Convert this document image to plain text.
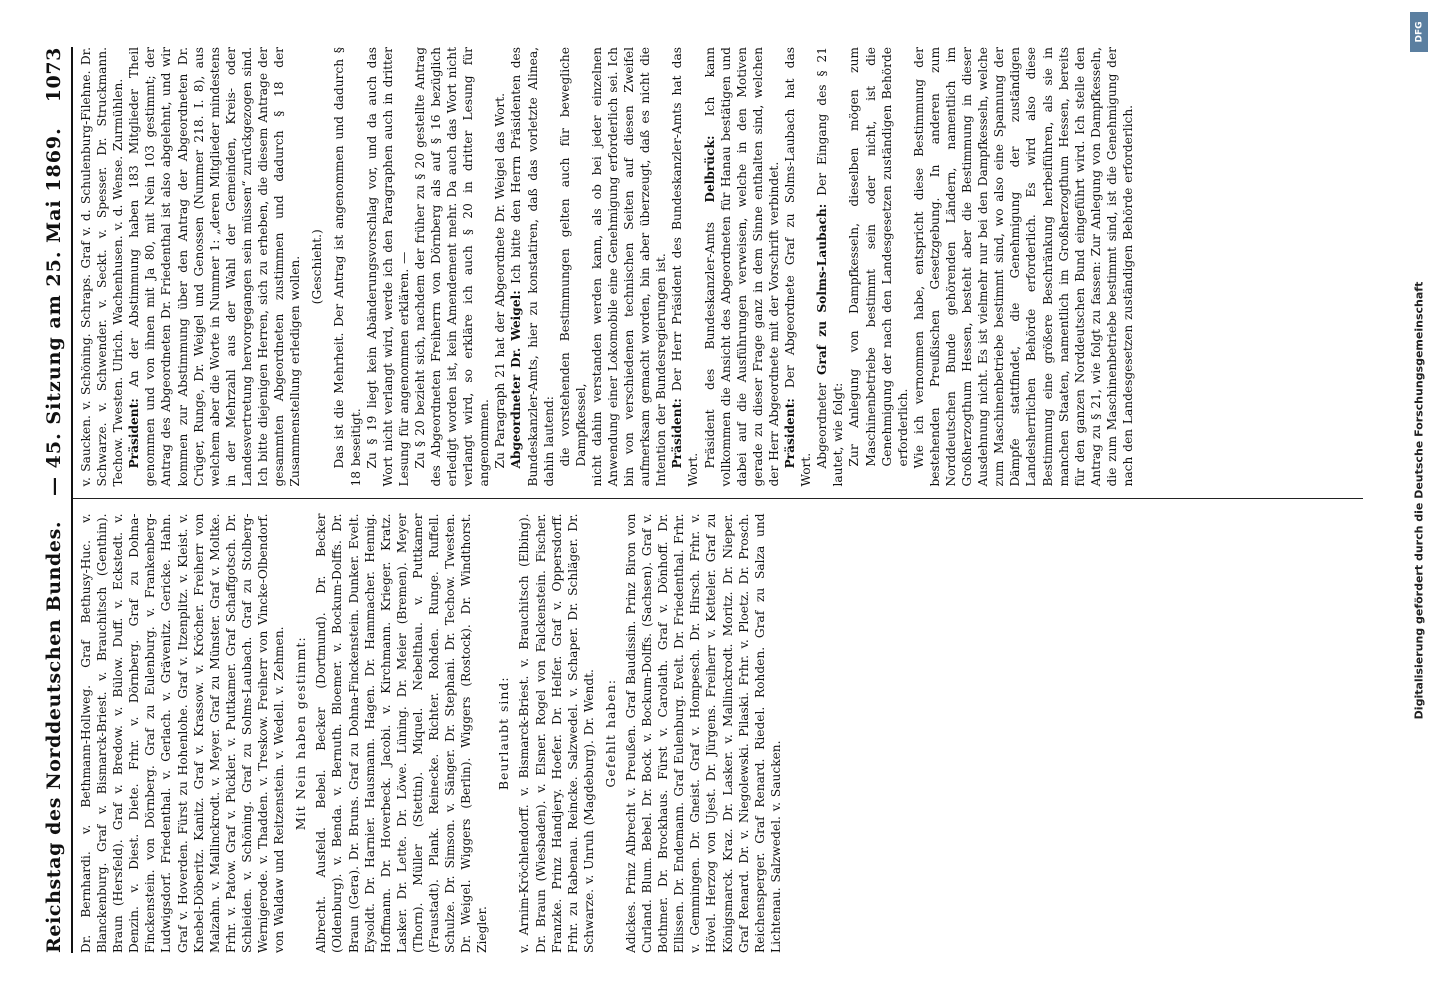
Reichstag des Norddeutschen Bundes.
— 45. Sitzung am 25. Mai 1869.
1073

Dr. Bernhardi. v. Bethmann-Hollweg. Graf Bethusy-Huc. v. Blanckenburg. Graf v. Bismarck-Briest. v. Brauchitsch (Genthin). Braun (Hersfeld). Graf v. Bredow. v. Bülow. Duff. v. Eckstedt. v. Denzin. v. Diest. Diete. Frhr. v. Dörnberg. Graf zu Dohna-Finckenstein. von Dörnberg. Graf zu Eulenburg. v. Frankenberg-Ludwigsdorf. Friedenthal. v. Gerlach. v. Grävenitz. Gericke. Hahn. Graf v. Hoverden. Fürst zu Hohenlohe. Graf v. Itzenplitz. v. Kleist. v. Knebel-Döberitz. Kanitz. Graf v. Krassow. v. Kröcher. Freiherr von Malzahn. v. Mallinckrodt. v. Meyer. Graf zu Münster. Graf v. Moltke. Frhr. v. Patow. Graf v. Pückler. v. Puttkamer. Graf Schaffgotsch. Dr. Schleiden. v. Schöning. Graf zu Solms-Laubach. Graf zu Stolberg-Wernigerode. v. Thadden. v. Treskow. Freiherr von Vincke-Olbendorf. von Waldaw und Reitzenstein. v. Wedell. v. Zehmen. Mit Nein haben gestimmt: Albrecht. Ausfeld. Bebel. Becker (Dortmund). Dr. Becker (Oldenburg). v. Benda. v. Bernuth. Bloemer. v. Bockum-Dolffs. Dr. Braun (Gera). Dr. Bruns. Graf zu Dohna-Finckenstein. Dunker. Evelt. Eysoldt. Dr. Harnier. Hausmann. Hagen. Dr. Hammacher. Hennig. Hoffmann. Dr. Hoverbeck. Jacobi. v. Kirchmann. Krieger. Kratz. Lasker. Dr. Lette. Dr. Löwe. Lüning. Dr. Meier (Bremen). Meyer (Thorn). Müller (Stettin). Miquel. Nebelthau. v. Puttkamer (Fraustadt). Plank. Reinecke. Richter. Rohden. Runge. Ruffell. Schulze. Dr. Simson. v. Sänger. Dr. Stephani. Dr. Techow. Twesten. Dr. Weigel. Wiggers (Berlin). Wiggers (Rostock). Dr. Windthorst. Ziegler.

Beurlaubt sind: v. Arnim-Kröchlendorff. v. Bismarck-Briest. v. Brauchitsch (Elbing). Dr. Braun (Wiesbaden). v. Elsner. Rogel von Falckenstein. Fischer. Franzke. Prinz Handjery. Hoefer. Dr. Helfer. Graf v. Oppersdorff. Frhr. zu Rabenau. Reincke. Salzwedel. v. Schaper. Dr. Schläger. Dr. Schwarze. v. Unruh (Magdeburg). Dr. Wendt. Gefehlt haben: Adickes. Prinz Albrecht v. Preußen. Graf Baudissin. Prinz Biron von Curland. Blum. Bebel. Dr. Bock. v. Bockum-Dolffs. (Sachsen). Graf v. Bothmer. Dr. Brockhaus. Fürst v. Carolath. Graf v. Dönhoff. Dr. Ellissen. Dr. Endemann. Graf Eulenburg. Evelt. Dr. Friedenthal. Frhr. v. Gemmingen. Dr. Gneist. Graf v. Hompesch. Dr. Hirsch. Frhr. v. Hövel. Herzog von Ujest. Dr. Jürgens. Freiherr v. Ketteler. Graf zu Königsmarck. Kraz. Dr. Lasker. v. Mallinckrodt. Moritz. Dr. Nieper. Graf Renard. Dr. v. Niegolewski. Pilaski. Frhr. v. Ploetz. Dr. Prosch. Reichensperger. Graf Renard. Riedel. Rohden. Graf zu Salza und Lichtenau. Salzwedel. v. Saucken.

v. Saucken. v. Schöning. Schraps. Graf v. d. Schulenburg-Filehne. Dr. Schwarze. v. Schwender. v. Seckt. v. Spesser. Dr. Struckmann. Techow. Twesten. Ulrich. Wachenhusen. v. d. Wense. Zurmühlen. Präsident: An der Abstimmung haben 183 Mitglieder Theil genommen und von ihnen mit Ja 80, mit Nein 103 gestimmt; der Antrag des Abgeordneten Dr. Friedenthal ist also abgelehnt, und wir kommen zur Abstimmung über den Antrag der Abgeordneten Dr. Crüger, Runge, Dr. Weigel und Genossen (Nummer 218. I. 8), aus welchem aber die Worte in Nummer 1: „deren Mitglieder mindestens in der Mehrzahl aus der Wahl der Gemeinden, Kreis- oder Landesvertretung hervorgegangen sein müssen“ zurückgezogen sind. Ich bitte diejenigen Herren, sich zu erheben, die diesem Antrage der gesammten Abgeordneten zustimmen und dadurch § 18 der Zusammenstellung erledigen wollen. (Geschieht.) Das ist die Mehrheit. Der Antrag ist angenommen und dadurch § 18 beseitigt. Zu § 19 liegt kein Abänderungsvorschlag vor, und da auch das Wort nicht verlangt wird, werde ich den Paragraphen auch in dritter Lesung für angenommen erklären. — Zu § 20 bezieht sich, nachdem der früher zu § 20 gestellte Antrag des Abgeordneten Freiherrn von Dörnberg als auf § 16 bezüglich erledigt worden ist, kein Amendement mehr. Da auch das Wort nicht verlangt wird, so erkläre ich auch § 20 in dritter Lesung für angenommen. Zu Paragraph 21 hat der Abgeordnete Dr. Weigel das Wort. Abgeordneter Dr. Weigel: Ich bitte den Herrn Präsidenten des Bundeskanzler-Amts, hier zu konstatiren, daß das vorletzte Alinea, dahin lautend: die vorstehenden Bestimmungen gelten auch für bewegliche Dampfkessel, nicht dahin verstanden werden kann, als ob bei jeder einzelnen Anwendung einer Lokomobile eine Genehmigung erforderlich sei. Ich bin von verschiedenen technischen Seiten auf diesen Zweifel aufmerksam gemacht worden, bin aber überzeugt, daß es nicht die Intention der Bundesregierungen ist. Präsident: Der Herr Präsident des Bundeskanzler-Amts hat das Wort.

Präsident des Bundeskanzler-Amts Delbrück: Ich kann vollkommen die Ansicht des Abgeordneten für Hanau bestätigen und dabei auf die Ausführungen verweisen, welche in den Motiven gerade zu dieser Frage ganz in dem Sinne enthalten sind, welchen der Herr Abgeordnete mit der Vorschrift verbindet. Präsident: Der Abgeordnete Graf zu Solms-Laubach hat das Wort.

Abgeordneter Graf zu Solms-Laubach: Der Eingang des § 21 lautet, wie folgt: Zur Anlegung von Dampfkesseln, dieselben mögen zum Maschinenbetriebe bestimmt sein oder nicht, ist die Genehmigung der nach den Landesgesetzen zuständigen Behörde erforderlich. Wie ich vernommen habe, entspricht diese Bestimmung der bestehenden Preußischen Gesetzgebung. In anderen zum Norddeutschen Bunde gehörenden Ländern, namentlich im Großherzogthum Hessen, besteht aber die Bestimmung in dieser Ausdehnung nicht. Es ist vielmehr nur bei den Dampfkesseln, welche zum Maschinenbetriebe bestimmt sind, wo also eine Spannung der Dämpfe stattfindet, die Genehmigung der zuständigen Landesherrlichen Behörde erforderlich. Es wird also diese Bestimmung eine größere Beschränkung herbeiführen, als sie in manchen Staaten, namentlich im Großherzogthum Hessen, bereits für den ganzen Norddeutschen Bund eingeführt wird. Ich stelle den Antrag zu § 21, wie folgt zu fassen: Zur Anlegung von Dampfkesseln, die zum Maschinenbetriebe bestimmt sind, ist die Genehmigung der nach den Landesgesetzen zuständigen Behörde erforderlich.	Digitalisierung gefördert durch die Deutsche Forschungsgemeinschaft
DFG
